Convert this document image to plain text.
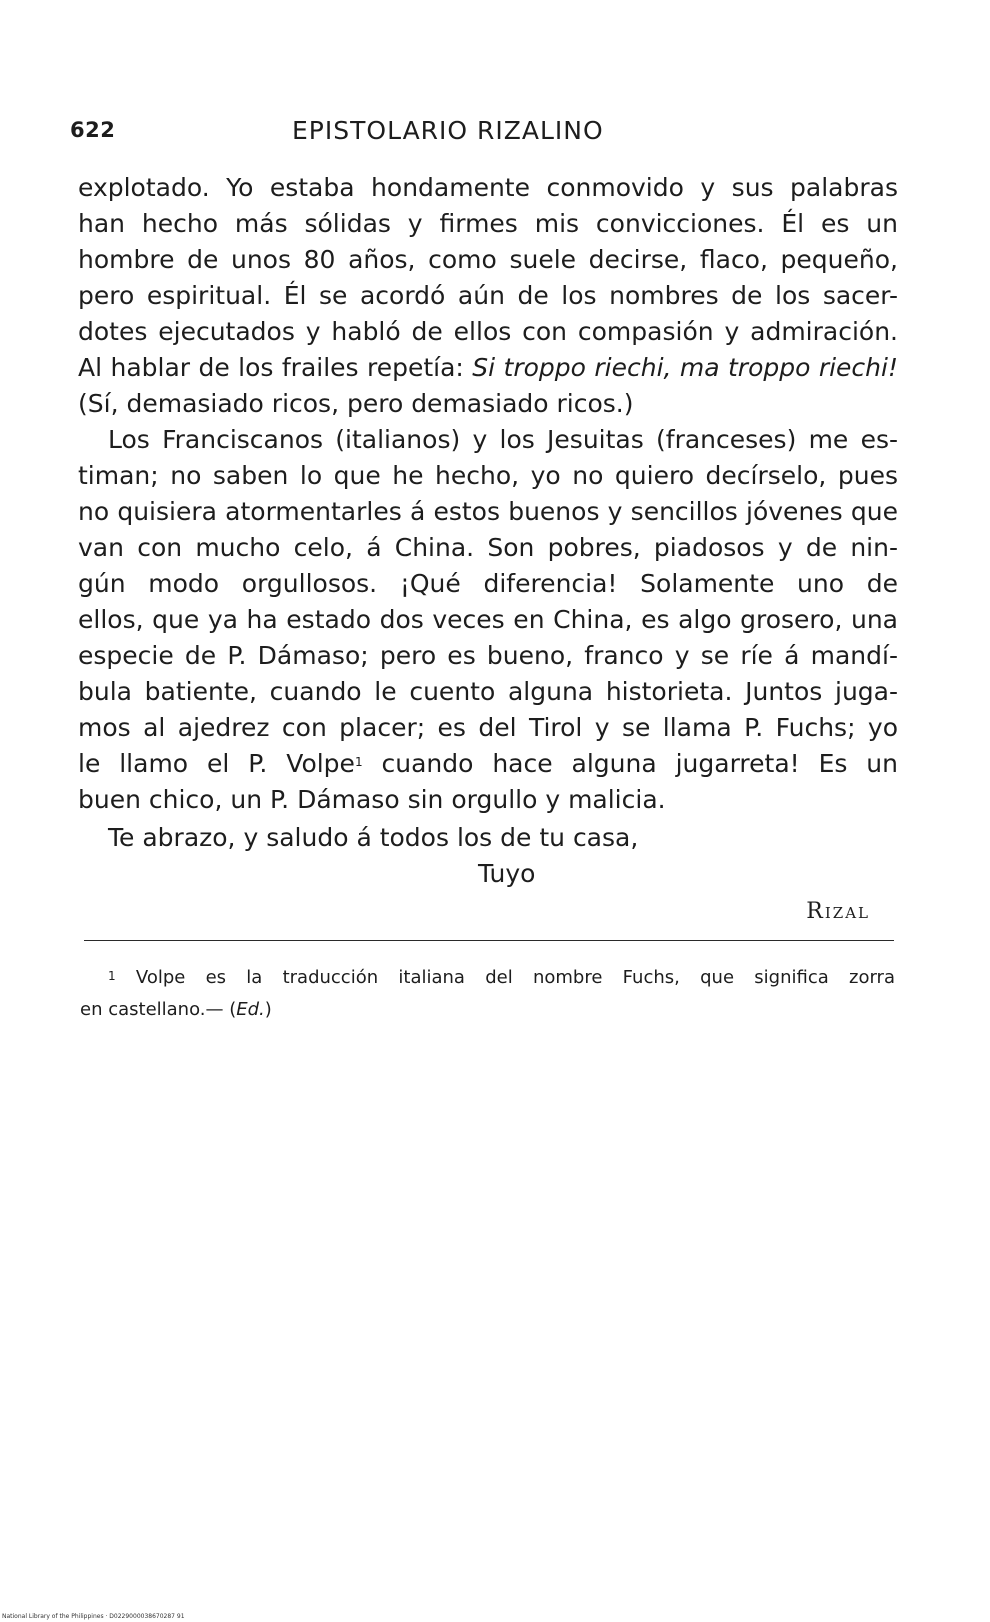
622	EPISTOLARIO RIZALINO
explotado. Yo estaba hondamente conmovido y sus palabras
han hecho más sólidas y firmes mis convicciones. Él es un
hombre de unos 80 años, como suele decirse, flaco, pequeño,
pero espiritual. Él se acordó aún de los nombres de los sacer-
dotes ejecutados y habló de ellos con compasión y admiración.
Al hablar de los frailes repetía: Si troppo riechi, ma troppo riechi!
(Sí, demasiado ricos, pero demasiado ricos.)
Los Franciscanos (italianos) y los Jesuitas (franceses) me es-
timan; no saben lo que he hecho, yo no quiero decírselo, pues
no quisiera atormentarles á estos buenos y sencillos jóvenes que
van con mucho celo, á China. Son pobres, piadosos y de nin-
gún modo orgullosos. ¡Qué diferencia! Solamente uno de
ellos, que ya ha estado dos veces en China, es algo grosero, una
especie de P. Dámaso; pero es bueno, franco y se ríe á mandí-
bula batiente, cuando le cuento alguna historieta. Juntos juga-
mos al ajedrez con placer; es del Tirol y se llama P. Fuchs; yo
le llamo el P. Volpe$^1$ cuando hace alguna jugarreta! Es un
buen chico, un P. Dámaso sin orgullo y malicia.
Te abrazo, y saludo á todos los de tu casa,
Tuyo
Rizal
$^1$ Volpe es la traducción italiana del nombre Fuchs, que significa zorra
en castellano.— (Ed.)
National Library of the Philippines · D0229000038670287 91
